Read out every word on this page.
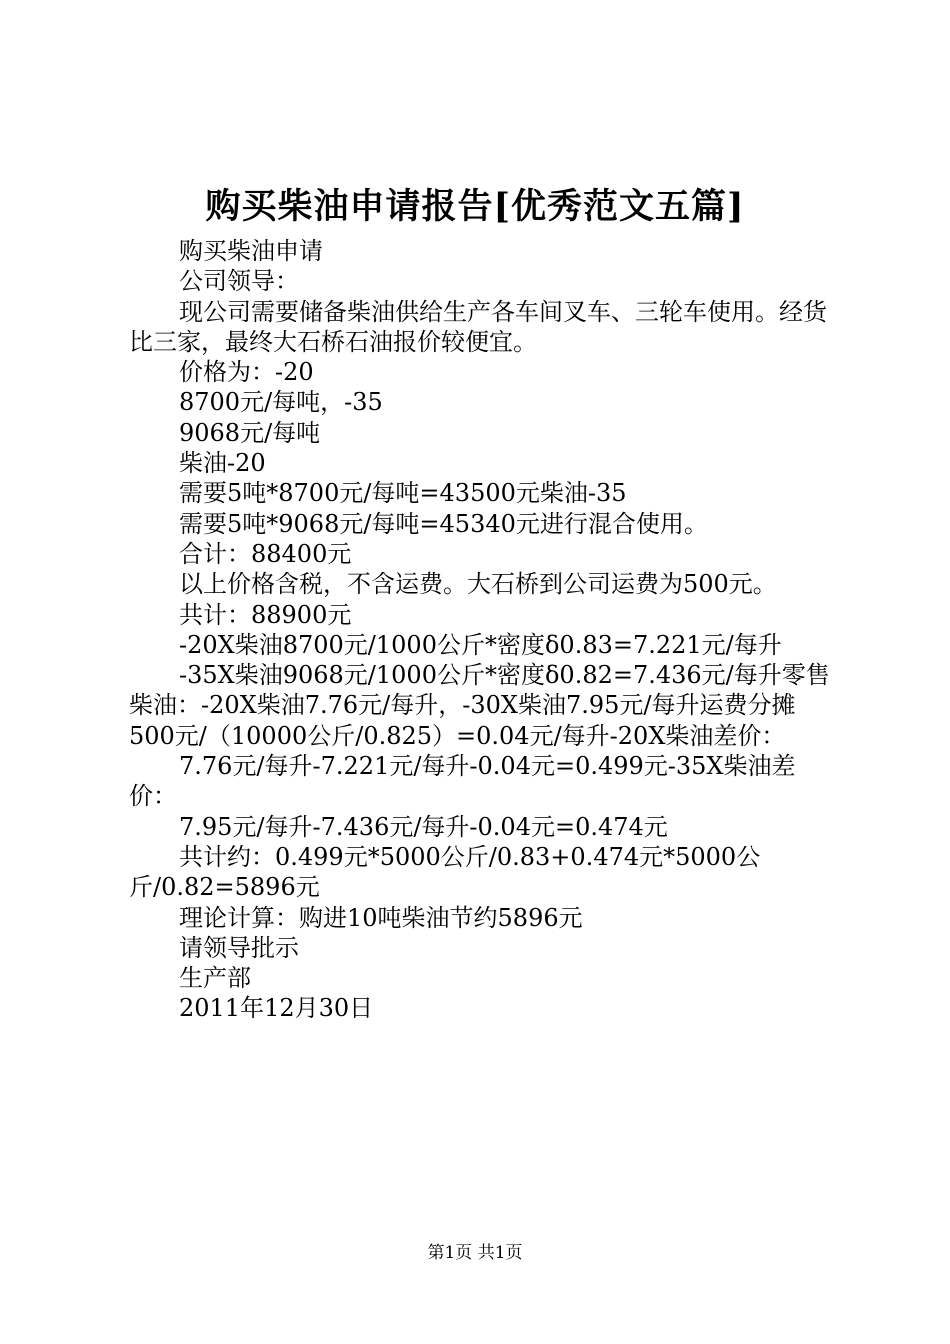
购买柴油申请报告[优秀范文五篇]

购买柴油申请

公司领导：

现公司需要储备柴油供给生产各车间叉车、三轮车使用。经货比三家，最终大石桥石油报价较便宜。

价格为：-20

8700元/每吨，-35

9068元/每吨

柴油-20

需要5吨*8700元/每吨=43500元柴油-35

需要5吨*9068元/每吨=45340元进行混合使用。

合计：88400元

以上价格含税，不含运费。大石桥到公司运费为500元。

共计：88900元

-20X柴油8700元/1000公斤*密度δ0.83=7.221元/每升

-35X柴油9068元/1000公斤*密度δ0.82=7.436元/每升零售柴油：-20X柴油7.76元/每升，-30X柴油7.95元/每升运费分摊500元/（10000公斤/0.825）=0.04元/每升-20X柴油差价：

7.76元/每升-7.221元/每升-0.04元=0.499元-35X柴油差价：

7.95元/每升-7.436元/每升-0.04元=0.474元

共计约：0.499元*5000公斤/0.83+0.474元*5000公斤/0.82=5896元

理论计算：购进10吨柴油节约5896元

请领导批示

生产部

2011年12月30日

第1页 共1页
